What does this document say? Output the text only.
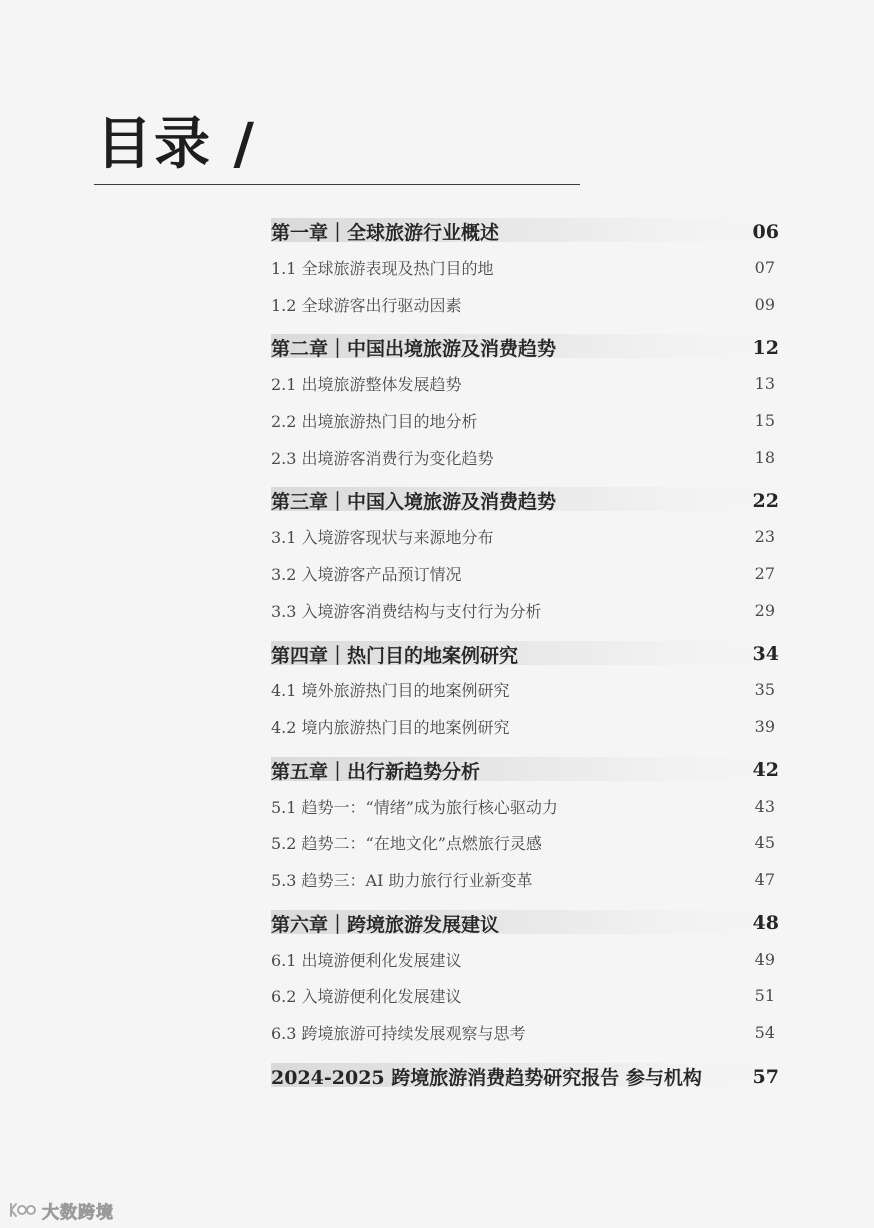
目录 /
第一章｜全球旅游行业概述	06
1.1 全球旅游表现及热门目的地	07
1.2 全球游客出行驱动因素	09
第二章｜中国出境旅游及消费趋势	12
2.1 出境旅游整体发展趋势	13
2.2 出境旅游热门目的地分析	15
2.3 出境游客消费行为变化趋势	18
第三章｜中国入境旅游及消费趋势	22
3.1 入境游客现状与来源地分布	23
3.2 入境游客产品预订情况	27
3.3 入境游客消费结构与支付行为分析	29
第四章｜热门目的地案例研究	34
4.1 境外旅游热门目的地案例研究	35
4.2 境内旅游热门目的地案例研究	39
第五章｜出行新趋势分析	42
5.1 趋势一：“情绪”成为旅行核心驱动力	43
5.2 趋势二：“在地文化”点燃旅行灵感	45
5.3 趋势三：AI 助力旅行行业新变革	47
第六章｜跨境旅游发展建议	48
6.1 出境游便利化发展建议	49
6.2 入境游便利化发展建议	51
6.3 跨境旅游可持续发展观察与思考	54
2024-2025 跨境旅游消费趋势研究报告 参与机构	57
大数跨境
